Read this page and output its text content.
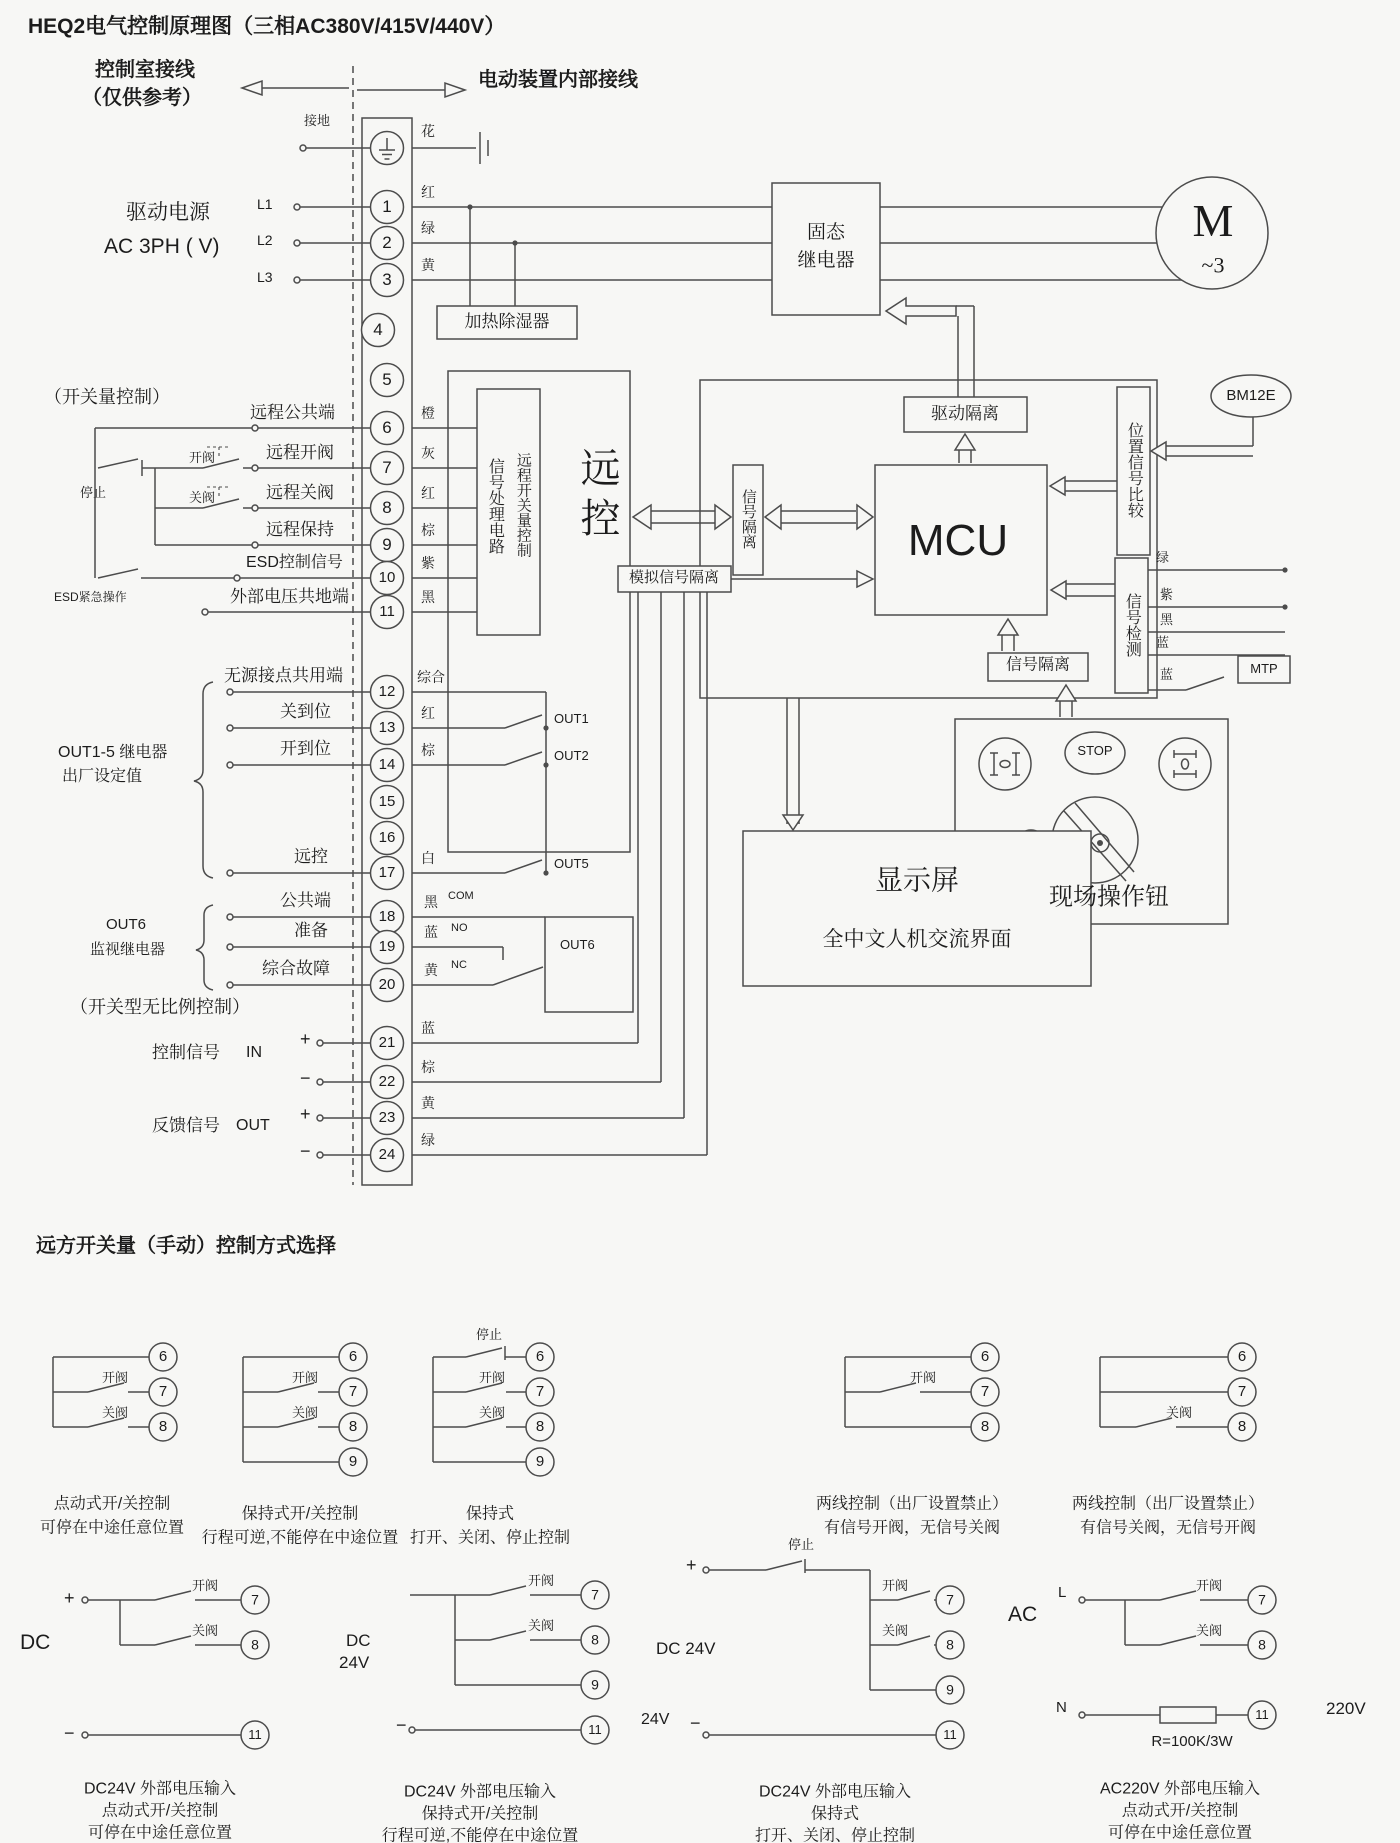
HEQ2电气控制原理图（三相AC380V/415V/440V）
控制室接线
（仅供参考）
电动装置内部接线
1
2
3
4
5
6
7
8
9
10
11
12
13
14
15
16
17
18
19
20
21
22
23
24
花
红
绿
黄
橙
灰
红
棕
紫
黑
综合
红
棕
白
黑
蓝
黄
蓝
棕
黄
绿
接地
L1
L2
L3
远程公共端
远程开阀
远程关阀
远程保持
ESD控制信号
外部电压共地端
无源接点共用端
关到位
开到位
远控
公共端
准备
综合故障
控制信号 IN
反馈信号 OUT
+
−
+
−
驱动电源
AC 3PH ( V)
（开关量控制）
停止
开阀
关阀
ESD紧急操作
OUT1-5 继电器
出厂设定值
OUT6
监视继电器
（开关型无比例控制）
加热除湿器
固态
继电器
M
~3
远控
信号处理电路 远程开关量控制
驱动隔离
信号隔离	MCU
位置信号比较
BM12E
信号检测
绿
紫
黑
蓝
蓝	MTP
信号隔离
模拟信号隔离
OUT1
OUT2
OUT5
OUT6
COM
NO
NC
STOP
现场操作钮
显示屏
全中文人机交流界面
远方开关量（手动）控制方式选择
6
7
8
开阀
关阀
6
7
8
9
开阀
关阀
6
7
8
9
停止
开阀
关阀
6
7
8
开阀
6
7
8
关阀
点动式开/关控制
可停在中途任意位置
保持式开/关控制
行程可逆,不能停在中途位置
保持式
打开、关闭、停止控制
两线控制（出厂设置禁止）
有信号开阀，无信号关阀
两线控制（出厂设置禁止）
有信号关阀，无信号开阀
DC
+
−
开阀
关阀
7
8
11
DC
24V
−
开阀
关阀
7
8
9
11
+
停止
DC 24V
24V −
开阀
关阀
7
8
9
11
AC
L
N
开阀
关阀
7
8
11
R=100K/3W
220V
DC24V 外部电压输入
点动式开/关控制
可停在中途任意位置
DC24V 外部电压输入
保持式开/关控制
行程可逆,不能停在中途位置
DC24V 外部电压输入
保持式
打开、关闭、停止控制
AC220V 外部电压输入
点动式开/关控制
可停在中途任意位置
